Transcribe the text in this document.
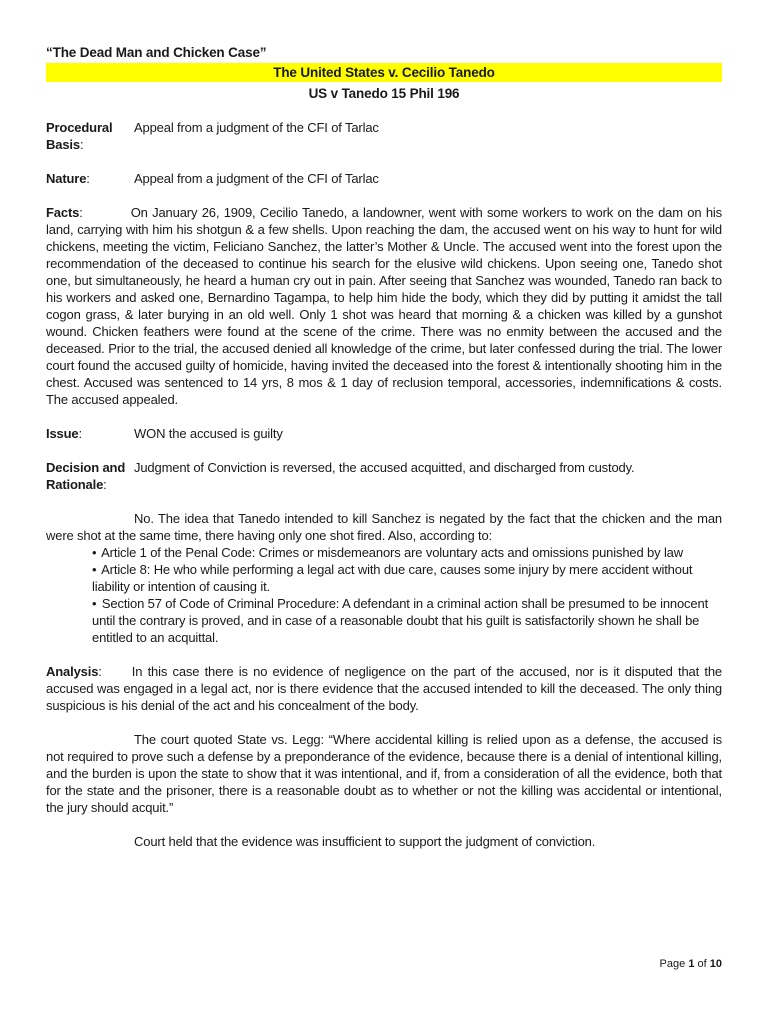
“The Dead Man and Chicken Case”
The United States v. Cecilio Tanedo
US v Tanedo 15 Phil 196
Procedural
Basis:
Appeal from a judgment of the CFI of Tarlac
Nature:	Appeal from a judgment of the CFI of Tarlac
Facts:	On January 26, 1909, Cecilio Tanedo, a landowner, went with some workers to work on the dam on his land, carrying with him his shotgun & a few shells. Upon reaching the dam, the accused went on his way to hunt for wild chickens, meeting the victim, Feliciano Sanchez, the latter’s Mother & Uncle. The accused went into the forest upon the recommendation of the deceased to continue his search for the elusive wild chickens. Upon seeing one, Tanedo shot one, but simultaneously, he heard a human cry out in pain. After seeing that Sanchez was wounded, Tanedo ran back to his workers and asked one, Bernardino Tagampa, to help him hide the body, which they did by putting it amidst the tall cogon grass, & later burying in an old well. Only 1 shot was heard that morning & a chicken was killed by a gunshot wound. Chicken feathers were found at the scene of the crime. There was no enmity between the accused and the deceased. Prior to the trial, the accused denied all knowledge of the crime, but later confessed during the trial. The lower court found the accused guilty of homicide, having invited the deceased into the forest & intentionally shooting him in the chest. Accused was sentenced to 14 yrs, 8 mos & 1 day of reclusion temporal, accessories, indemnifications & costs. The accused appealed.
Issue:	WON the accused is guilty
Decision and
Rationale:
Judgment of Conviction is reversed, the accused acquitted, and discharged from custody.
No. The idea that Tanedo intended to kill Sanchez is negated by the fact that the chicken and the man were shot at the same time, there having only one shot fired. Also, according to:
• Article 1 of the Penal Code: Crimes or misdemeanors are voluntary acts and omissions punished by law
• Article 8: He who while performing a legal act with due care, causes some injury by mere accident without liability or intention of causing it.
• Section 57 of Code of Criminal Procedure: A defendant in a criminal action shall be presumed to be innocent until the contrary is proved, and in case of a reasonable doubt that his guilt is satisfactorily shown he shall be entitled to an acquittal.
Analysis: In this case there is no evidence of negligence on the part of the accused, nor is it disputed that the accused was engaged in a legal act, nor is there evidence that the accused intended to kill the deceased. The only thing suspicious is his denial of the act and his concealment of the body.
The court quoted State vs. Legg: “Where accidental killing is relied upon as a defense, the accused is not required to prove such a defense by a preponderance of the evidence, because there is a denial of intentional killing, and the burden is upon the state to show that it was intentional, and if, from a consideration of all the evidence, both that for the state and the prisoner, there is a reasonable doubt as to whether or not the killing was accidental or intentional, the jury should acquit.”
Court held that the evidence was insufficient to support the judgment of conviction.
Page 1 of 10
